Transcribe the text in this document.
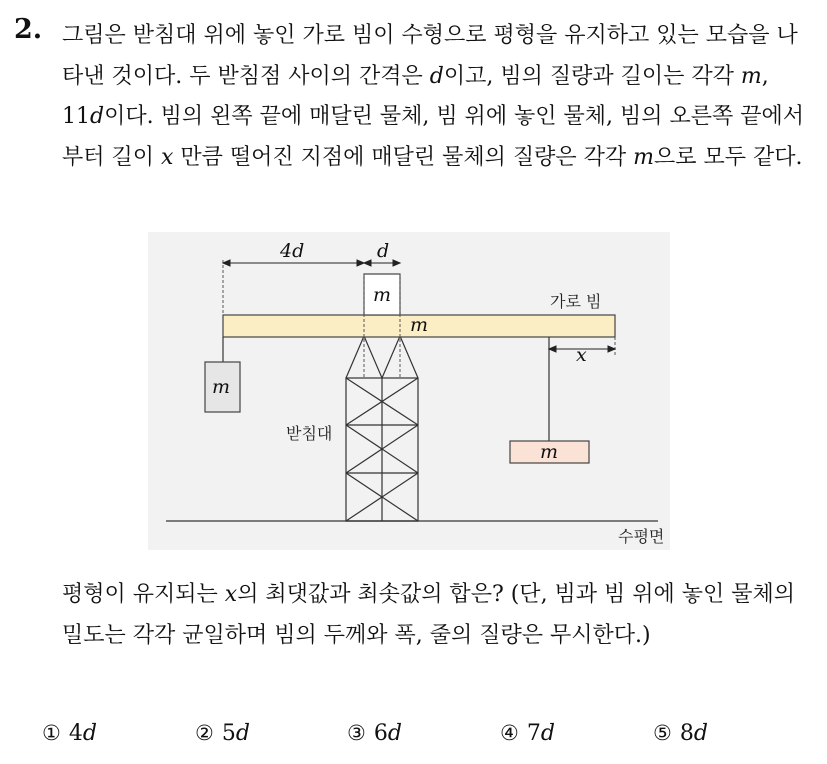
2. 그림은 받침대 위에 놓인 가로 빔이 수형으로 평형을 유지하고 있는 모습을 나타낸 것이다. 두 받침점 사이의 간격은 d이고, 빔의 질량과 길이는 각각 m, 11d이다. 빔의 왼쪽 끝에 매달린 물체, 빔 위에 놓인 물체, 빔의 오른쪽 끝에서부터 길이 x 만큼 떨어진 지점에 매달린 물체의 질량은 각각 m으로 모두 같다.

m
가로 빔
m
4d	d
m
m
x
받침대
수평면

평형이 유지되는 x의 최댓값과 최솟값의 합은? (단, 빔과 빔 위에 놓인 물체의 밀도는 각각 균일하며 빔의 두께와 폭, 줄의 질량은 무시한다.)

① 4d	② 5d	③ 6d	④ 7d	⑤ 8d
